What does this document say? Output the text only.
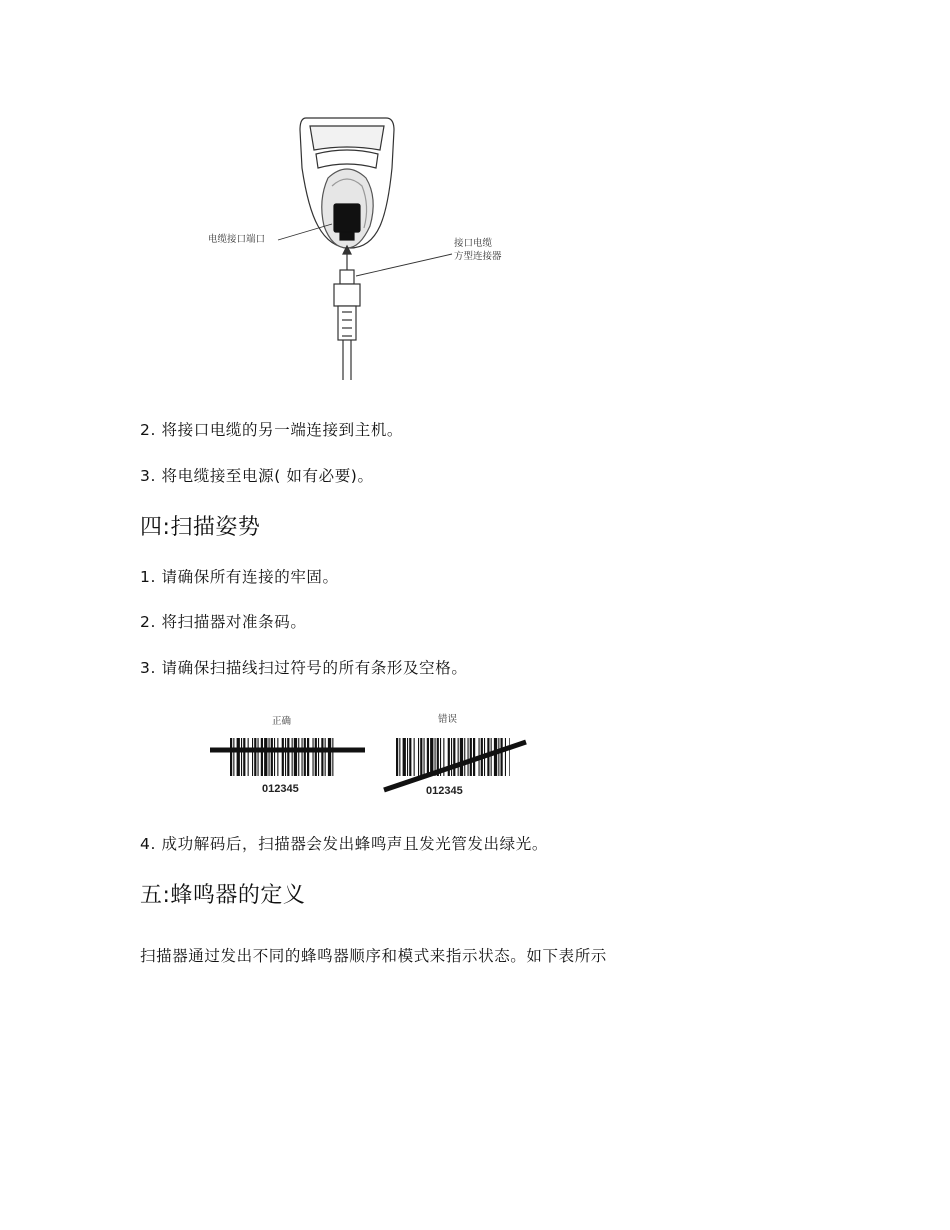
电缆接口端口	接口电缆
方型连接器
2. 将接口电缆的另一端连接到主机。
3. 将电缆接至电源( 如有必要)。
四:扫描姿势
1. 请确保所有连接的牢固。
2. 将扫描器对准条码。
3. 请确保扫描线扫过符号的所有条形及空格。
正确	错误
012345	012345
4. 成功解码后，扫描器会发出蜂鸣声且发光管发出绿光。
五:蜂鸣器的定义
扫描器通过发出不同的蜂鸣器顺序和模式来指示状态。如下表所示
